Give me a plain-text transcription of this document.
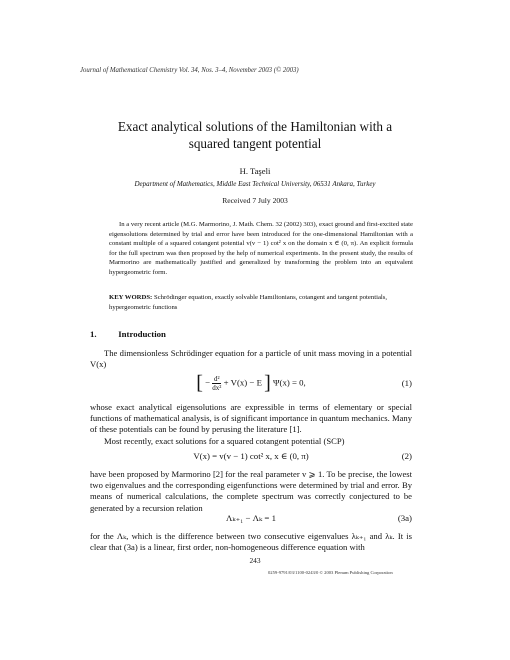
Journal of Mathematical Chemistry Vol. 34, Nos. 3–4, November 2003 (© 2003)
Exact analytical solutions of the Hamiltonian with a
squared tangent potential
H. Taşeli
Department of Mathematics, Middle East Technical University, 06531 Ankara, Turkey
Received 7 July 2003

In a very recent article (M.G. Marmorino, J. Math. Chem. 32 (2002) 303), exact ground and first-excited state eigensolutions determined by trial and error have been introduced for the one-dimensional Hamiltonian with a constant multiple of a squared cotangent potential v(v − 1) cot² x on the domain x ∈ (0, π). An explicit formula for the full spectrum was then proposed by the help of numerical experiments. In the present study, the results of Marmorino are mathematically justified and generalized by transforming the problem into an equivalent hypergeometric form.

KEY WORDS: Schrödinger equation, exactly solvable Hamiltonians, cotangent and tangent potentials, hypergeometric functions
1. Introduction

The dimensionless Schrödinger equation for a particle of unit mass moving in a potential V(x)

[ − $\frac{\text{d²}}{\text{dx²}} + V(x) - E$ ] Ψ(x) = 0,	(1)

whose exact analytical eigensolutions are expressible in terms of elementary or special functions of mathematical analysis, is of significant importance in quantum mechanics. Many of these potentials can be found by perusing the literature [1].

Most recently, exact solutions for a squared cotangent potential (SCP)

V(x) = v(v − 1) cot² x, x ∈ (0, π)	(2)

have been proposed by Marmorino [2] for the real parameter v ⩾ 1. To be precise, the lowest two eigenvalues and the corresponding eigenfunctions were determined by trial and error. By means of numerical calculations, the complete spectrum was correctly conjectured to be generated by a recursion relation

Λₖ₊₁ − Λₖ = 1	(3a)

for the Λₖ, which is the difference between two consecutive eigenvalues λₖ₊₁ and λₖ. It is clear that (3a) is a linear, first order, non-homogeneous difference equation with

243
0259-9791/03/1100-0243/0 © 2003 Plenum Publishing Corporation
